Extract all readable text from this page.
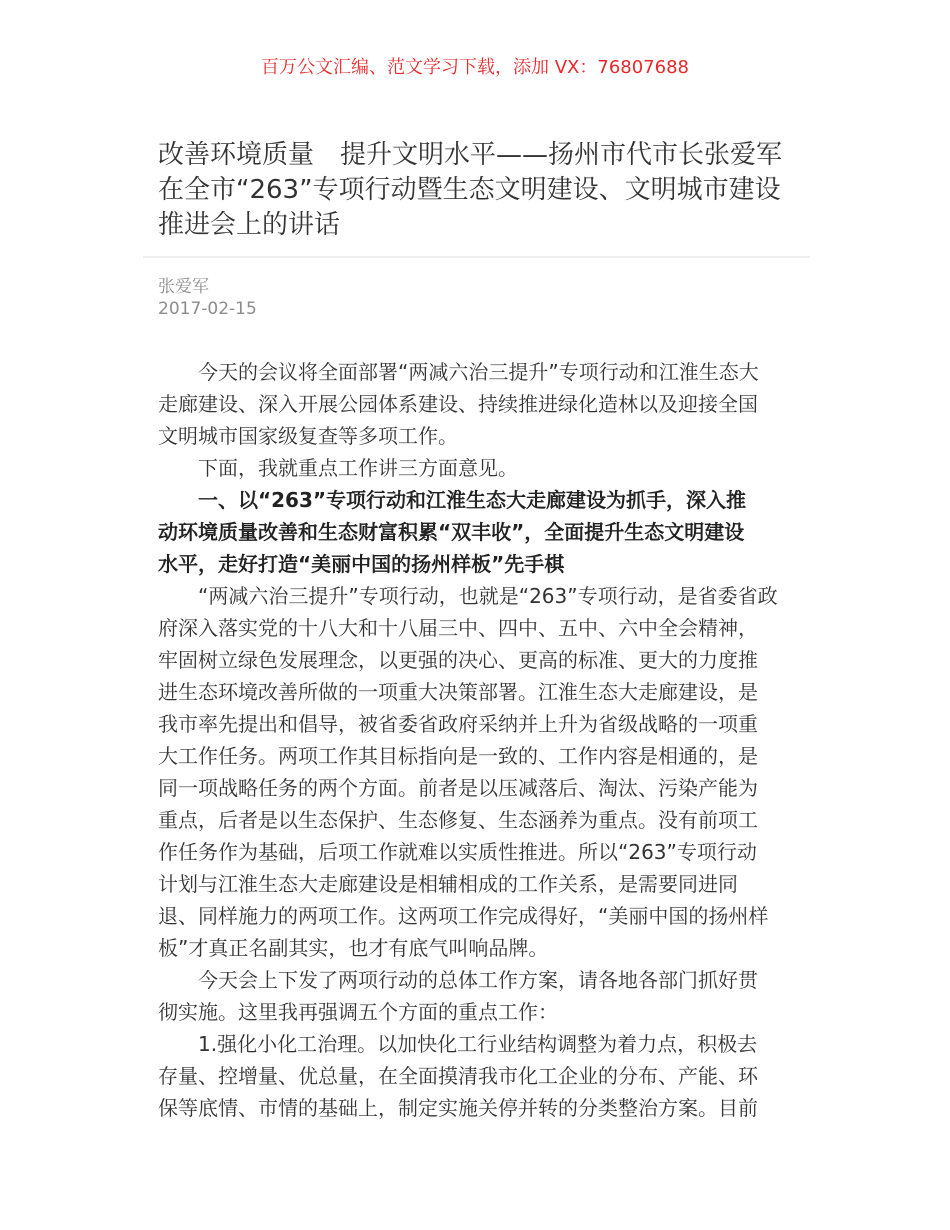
百万公文汇编、范文学习下载，添加 VX：76807688
改善环境质量　提升文明水平——扬州市代市长张爱军
在全市“263”专项行动暨生态文明建设、文明城市建设
推进会上的讲话
张爱军
2017-02-15
　　今天的会议将全面部署“两减六治三提升”专项行动和江淮生态大
走廊建设、深入开展公园体系建设、持续推进绿化造林以及迎接全国
文明城市国家级复查等多项工作。
　　下面，我就重点工作讲三方面意见。
　　一、以“263”专项行动和江淮生态大走廊建设为抓手，深入推
动环境质量改善和生态财富积累“双丰收”，全面提升生态文明建设
水平，走好打造“美丽中国的扬州样板”先手棋
　　“两减六治三提升”专项行动，也就是“263”专项行动，是省委省政
府深入落实党的十八大和十八届三中、四中、五中、六中全会精神，
牢固树立绿色发展理念，以更强的决心、更高的标准、更大的力度推
进生态环境改善所做的一项重大决策部署。江淮生态大走廊建设，是
我市率先提出和倡导，被省委省政府采纳并上升为省级战略的一项重
大工作任务。两项工作其目标指向是一致的、工作内容是相通的，是
同一项战略任务的两个方面。前者是以压减落后、淘汰、污染产能为
重点，后者是以生态保护、生态修复、生态涵养为重点。没有前项工
作任务作为基础，后项工作就难以实质性推进。所以“263”专项行动
计划与江淮生态大走廊建设是相辅相成的工作关系，是需要同进同
退、同样施力的两项工作。这两项工作完成得好，“美丽中国的扬州样
板”才真正名副其实，也才有底气叫响品牌。
　　今天会上下发了两项行动的总体工作方案，请各地各部门抓好贯
彻实施。这里我再强调五个方面的重点工作：
　　1.强化小化工治理。以加快化工行业结构调整为着力点，积极去
存量、控增量、优总量，在全面摸清我市化工企业的分布、产能、环
保等底情、市情的基础上，制定实施关停并转的分类整治方案。目前
